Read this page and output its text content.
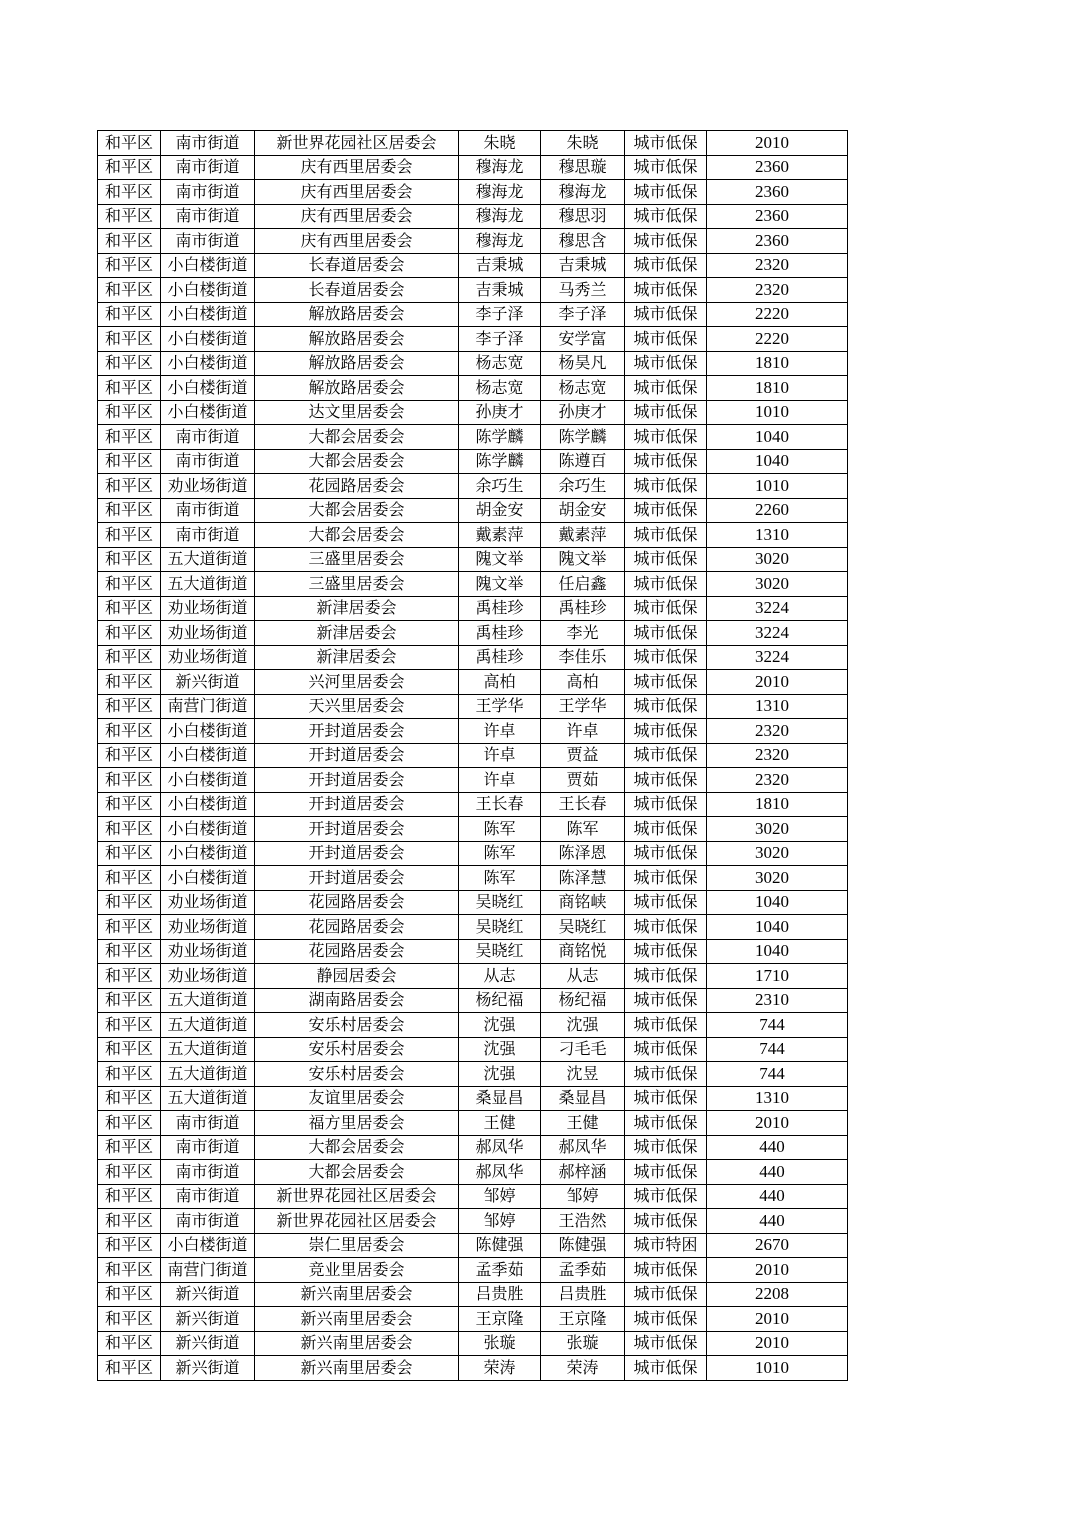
和平区	南市街道	新世界花园社区居委会	朱晓	朱晓	城市低保	2010
和平区	南市街道	庆有西里居委会	穆海龙	穆思璇	城市低保	2360
和平区	南市街道	庆有西里居委会	穆海龙	穆海龙	城市低保	2360
和平区	南市街道	庆有西里居委会	穆海龙	穆思羽	城市低保	2360
和平区	南市街道	庆有西里居委会	穆海龙	穆思含	城市低保	2360
和平区	小白楼街道	长春道居委会	吉秉城	吉秉城	城市低保	2320
和平区	小白楼街道	长春道居委会	吉秉城	马秀兰	城市低保	2320
和平区	小白楼街道	解放路居委会	李子泽	李子泽	城市低保	2220
和平区	小白楼街道	解放路居委会	李子泽	安学富	城市低保	2220
和平区	小白楼街道	解放路居委会	杨志宽	杨昊凡	城市低保	1810
和平区	小白楼街道	解放路居委会	杨志宽	杨志宽	城市低保	1810
和平区	小白楼街道	达文里居委会	孙庚才	孙庚才	城市低保	1010
和平区	南市街道	大都会居委会	陈学麟	陈学麟	城市低保	1040
和平区	南市街道	大都会居委会	陈学麟	陈遵百	城市低保	1040
和平区	劝业场街道	花园路居委会	余巧生	余巧生	城市低保	1010
和平区	南市街道	大都会居委会	胡金安	胡金安	城市低保	2260
和平区	南市街道	大都会居委会	戴素萍	戴素萍	城市低保	1310
和平区	五大道街道	三盛里居委会	隗文举	隗文举	城市低保	3020
和平区	五大道街道	三盛里居委会	隗文举	任启鑫	城市低保	3020
和平区	劝业场街道	新津居委会	禹桂珍	禹桂珍	城市低保	3224
和平区	劝业场街道	新津居委会	禹桂珍	李光	城市低保	3224
和平区	劝业场街道	新津居委会	禹桂珍	李佳乐	城市低保	3224
和平区	新兴街道	兴河里居委会	高柏	高柏	城市低保	2010
和平区	南营门街道	天兴里居委会	王学华	王学华	城市低保	1310
和平区	小白楼街道	开封道居委会	许卓	许卓	城市低保	2320
和平区	小白楼街道	开封道居委会	许卓	贾益	城市低保	2320
和平区	小白楼街道	开封道居委会	许卓	贾茹	城市低保	2320
和平区	小白楼街道	开封道居委会	王长春	王长春	城市低保	1810
和平区	小白楼街道	开封道居委会	陈军	陈军	城市低保	3020
和平区	小白楼街道	开封道居委会	陈军	陈泽恩	城市低保	3020
和平区	小白楼街道	开封道居委会	陈军	陈泽慧	城市低保	3020
和平区	劝业场街道	花园路居委会	吴晓红	商铭峡	城市低保	1040
和平区	劝业场街道	花园路居委会	吴晓红	吴晓红	城市低保	1040
和平区	劝业场街道	花园路居委会	吴晓红	商铭悦	城市低保	1040
和平区	劝业场街道	静园居委会	从志	从志	城市低保	1710
和平区	五大道街道	湖南路居委会	杨纪福	杨纪福	城市低保	2310
和平区	五大道街道	安乐村居委会	沈强	沈强	城市低保	744
和平区	五大道街道	安乐村居委会	沈强	刁毛毛	城市低保	744
和平区	五大道街道	安乐村居委会	沈强	沈昱	城市低保	744
和平区	五大道街道	友谊里居委会	桑显昌	桑显昌	城市低保	1310
和平区	南市街道	福方里居委会	王健	王健	城市低保	2010
和平区	南市街道	大都会居委会	郝凤华	郝凤华	城市低保	440
和平区	南市街道	大都会居委会	郝凤华	郝梓涵	城市低保	440
和平区	南市街道	新世界花园社区居委会	邹婷	邹婷	城市低保	440
和平区	南市街道	新世界花园社区居委会	邹婷	王浩然	城市低保	440
和平区	小白楼街道	崇仁里居委会	陈健强	陈健强	城市特困	2670
和平区	南营门街道	竞业里居委会	孟季茹	孟季茹	城市低保	2010
和平区	新兴街道	新兴南里居委会	吕贵胜	吕贵胜	城市低保	2208
和平区	新兴街道	新兴南里居委会	王京隆	王京隆	城市低保	2010
和平区	新兴街道	新兴南里居委会	张璇	张璇	城市低保	2010
和平区	新兴街道	新兴南里居委会	荣涛	荣涛	城市低保	1010
